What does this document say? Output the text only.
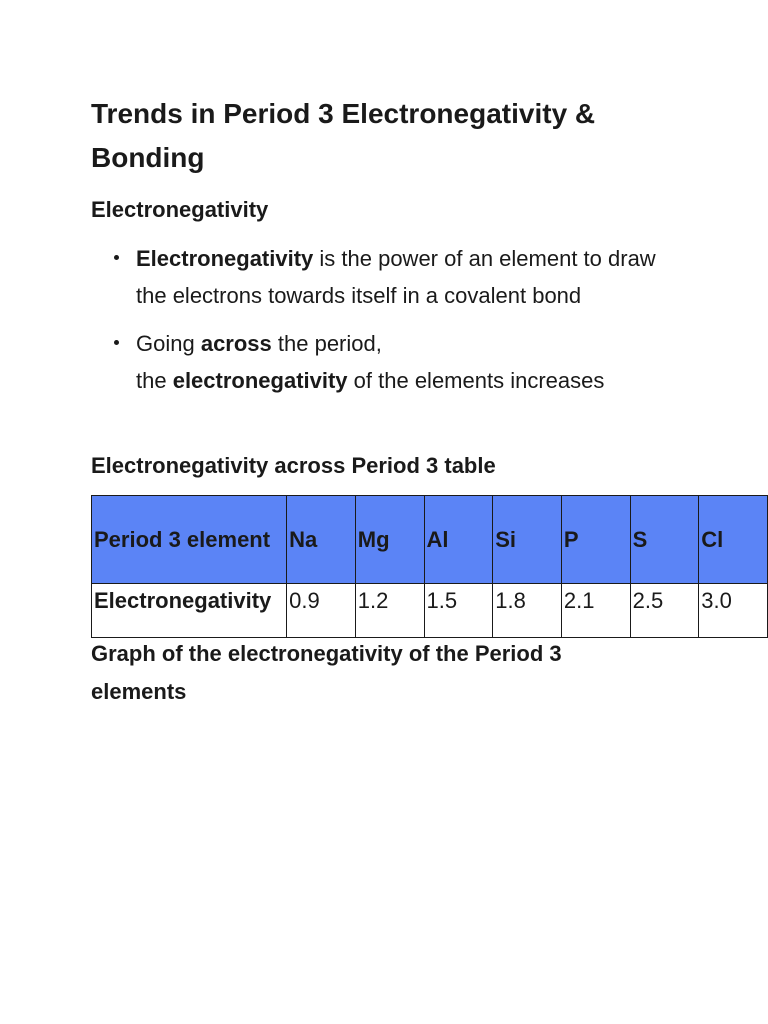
Trends in Period 3 Electronegativity & Bonding
Electronegativity
Electronegativity is the power of an element to draw the electrons towards itself in a covalent bond
Going across the period,
the electronegativity of the elements increases
Electronegativity across Period 3 table
Period 3 element	Na	Mg	Al	Si	P	S	Cl
Electronegativity	0.9	1.2	1.5	1.8	2.1	2.5	3.0
Graph of the electronegativity of the Period 3 elements
